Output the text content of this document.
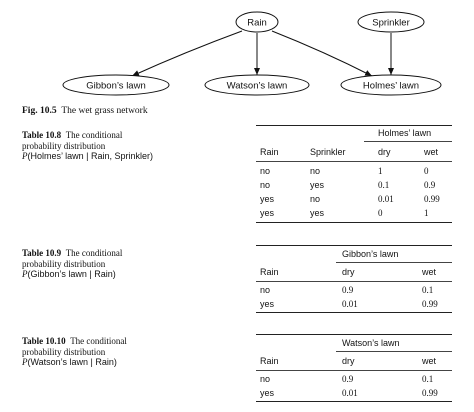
Rain	Sprinkler
Gibbon’s lawn	Watson’s lawn	Holmes’ lawn
Fig. 10.5 The wet grass network
Table 10.8 The conditional
probability distribution
P(Holmes’ lawn | Rain, Sprinkler)
Holmes’ lawn
Rain	Sprinkler	dry	wet
no	no	1	0
no	yes	0.1	0.9
yes	no	0.01	0.99
yes	yes	0	1
Table 10.9 The conditional
probability distribution
P(Gibbon’s lawn | Rain)
Gibbon’s lawn
Rain	dry	wet
no	0.9	0.1
yes	0.01	0.99
Table 10.10 The conditional
probability distribution
P(Watson’s lawn | Rain)
Watson’s lawn
Rain	dry	wet
no	0.9	0.1
yes	0.01	0.99
